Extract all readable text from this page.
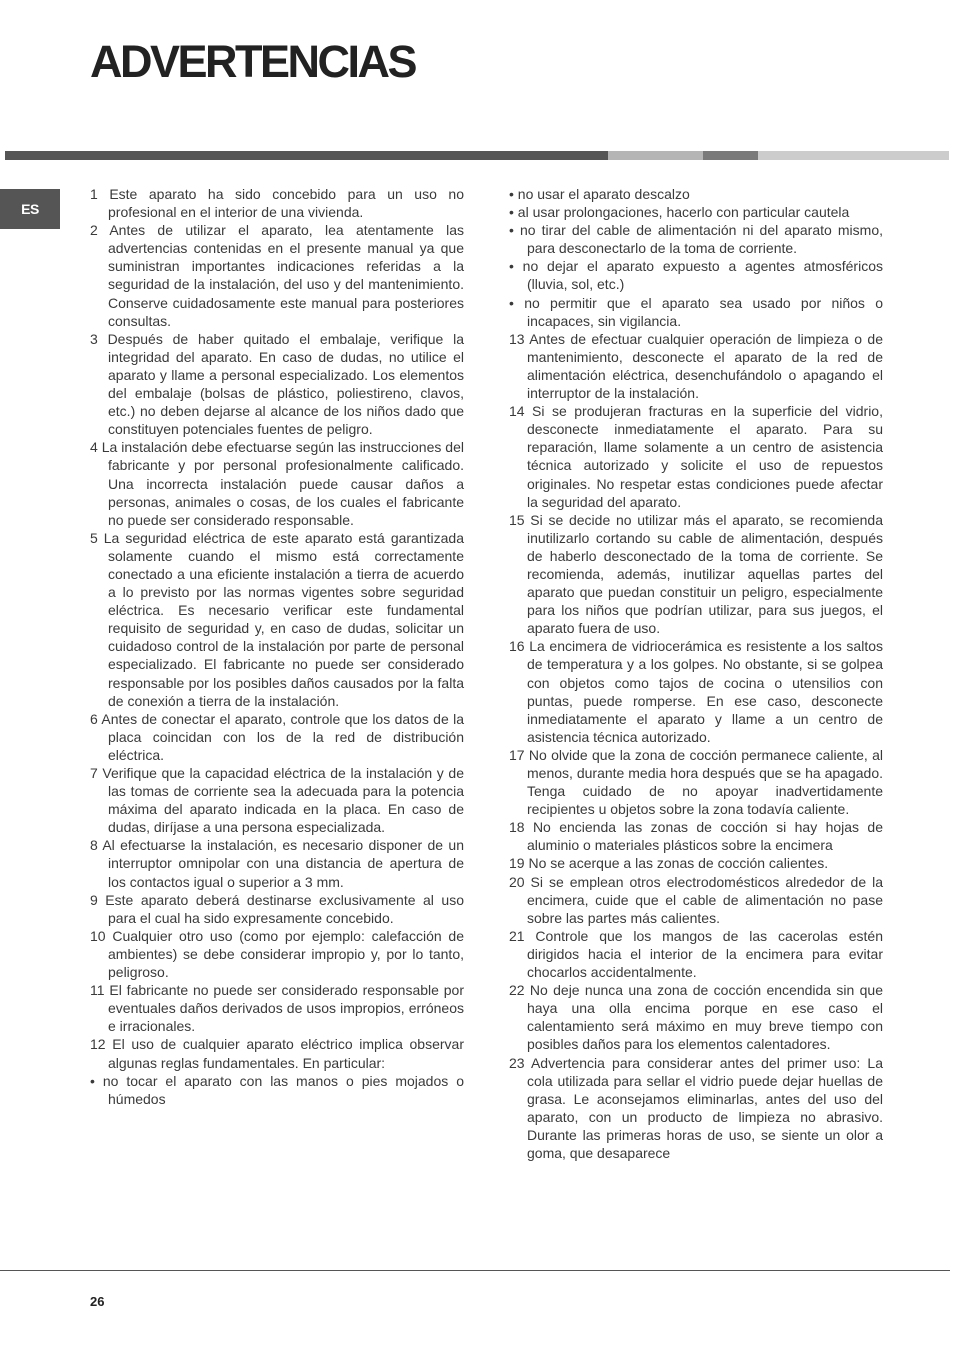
ADVERTENCIAS
ES

1 Este aparato ha sido concebido para un uso no profesional en el interior de una vivienda.

2 Antes de utilizar el aparato, lea atentamente las advertencias contenidas en el presente manual ya que suministran importantes indicaciones referidas a la seguridad de la instalación, del uso y del mantenimiento. Conserve cuidadosamente este manual para posteriores consultas.

3 Después de haber quitado el embalaje, verifique la integridad del aparato. En caso de dudas, no utilice el aparato y llame a personal especializado. Los elementos del embalaje (bolsas de plástico, poliestireno, clavos, etc.) no deben dejarse al alcance de los niños dado que constituyen potenciales fuentes de peligro.

4 La instalación debe efectuarse según las instrucciones del fabricante y por personal profesionalmente calificado. Una incorrecta instalación puede causar daños a personas, animales o cosas, de los cuales el fabricante no puede ser considerado responsable.

5 La seguridad eléctrica de este aparato está garantizada solamente cuando el mismo está correctamente conectado a una eficiente instalación a tierra de acuerdo a lo previsto por las normas vigentes sobre seguridad eléctrica. Es necesario verificar este fundamental requisito de seguridad y, en caso de dudas, solicitar un cuidadoso control de la instalación por parte de personal especializado. El fabricante no puede ser considerado responsable por los posibles daños causados por la falta de conexión a tierra de la instalación.

6 Antes de conectar el aparato, controle que los datos de la placa coincidan con los de la red de distribución eléctrica.

7 Verifique que la capacidad eléctrica de la instalación y de las tomas de corriente sea la adecuada para la potencia máxima del aparato indicada en la placa. En caso de dudas, diríjase a una persona especializada.

8 Al efectuarse la instalación, es necesario disponer de un interruptor omnipolar con una distancia de apertura de los contactos igual o superior a 3 mm.

9 Este aparato deberá destinarse exclusivamente al uso para el cual ha sido expresamente concebido.

10 Cualquier otro uso (como por ejemplo: calefacción de ambientes) se debe considerar impropio y, por lo tanto, peligroso.

11 El fabricante no puede ser considerado responsable por eventuales daños derivados de usos impropios, erróneos e irracionales.

12 El uso de cualquier aparato eléctrico implica observar algunas reglas fundamentales. En particular:

• no tocar el aparato con las manos o pies mojados o húmedos

• no usar el aparato descalzo

• al usar prolongaciones, hacerlo con particular cautela

• no tirar del cable de alimentación ni del aparato mismo, para desconectarlo de la toma de corriente.

• no dejar el aparato expuesto a agentes atmosféricos (lluvia, sol, etc.)

• no permitir que el aparato sea usado por niños o incapaces, sin vigilancia.

13 Antes de efectuar cualquier operación de limpieza o de mantenimiento, desconecte el aparato de la red de alimentación eléctrica, desenchufándolo o apagando el interruptor de la instalación.

14 Si se produjeran fracturas en la superficie del vidrio, desconecte inmediatamente el aparato. Para su reparación, llame solamente a un centro de asistencia técnica autorizado y solicite el uso de repuestos originales. No respetar estas condiciones puede afectar la seguridad del aparato.

15 Si se decide no utilizar más el aparato, se recomienda inutilizarlo cortando su cable de alimentación, después de haberlo desconectado de la toma de corriente. Se recomienda, además, inutilizar aquellas partes del aparato que puedan constituir un peligro, especialmente para los niños que podrían utilizar, para sus juegos, el aparato fuera de uso.

16 La encimera de vidriocerámica es resistente a los saltos de temperatura y a los golpes. No obstante, si se golpea con objetos como tajos de cocina o utensilios con puntas, puede romperse. En ese caso, desconecte inmediatamente el aparato y llame a un centro de asistencia técnica autorizado.

17 No olvide que la zona de cocción permanece caliente, al menos, durante media hora después que se ha apagado. Tenga cuidado de no apoyar inadvertidamente recipientes u objetos sobre la zona todavía caliente.

18 No encienda las zonas de cocción si hay hojas de aluminio o materiales plásticos sobre la encimera

19 No se acerque a las zonas de cocción calientes.

20 Si se emplean otros electrodomésticos alrededor de la encimera, cuide que el cable de alimentación no pase sobre las partes más calientes.

21 Controle que los mangos de las cacerolas estén dirigidos hacia el interior de la encimera para evitar chocarlos accidentalmente.

22 No deje nunca una zona de cocción encendida sin que haya una olla encima porque en ese caso el calentamiento será máximo en muy breve tiempo con posibles daños para los elementos calentadores.

23 Advertencia para considerar antes del primer uso: La cola utilizada para sellar el vidrio puede dejar huellas de grasa. Le aconsejamos eliminarlas, antes del uso del aparato, con un producto de limpieza no abrasivo. Durante las primeras horas de uso, se siente un olor a goma, que desaparece

26
